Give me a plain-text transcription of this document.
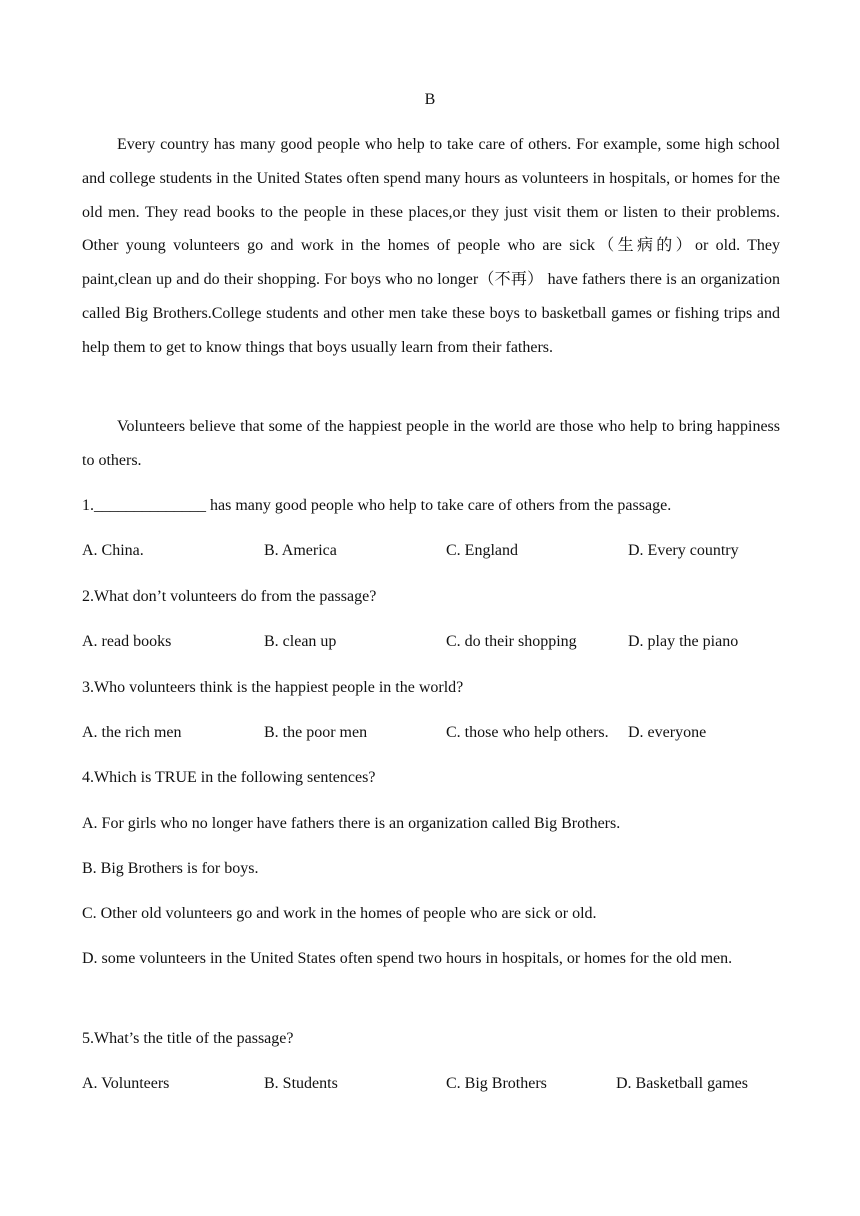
B

Every country has many good people who help to take care of others. For example, some high school and college students in the United States often spend many hours as volunteers in hospitals, or homes for the old men. They read books to the people in these places,or they just visit them or listen to their problems. Other young volunteers go and work in the homes of people who are sick（生病的）or old. They paint,clean up and do their shopping. For boys who no longer（不再） have fathers there is an organization called Big Brothers.College students and other men take these boys to basketball games or fishing trips and help them to get to know things that boys usually learn from their fathers.

Volunteers believe that some of the happiest people in the world are those who help to bring happiness to others.

1.______________ has many good people who help to take care of others from the passage.
A. China.	B. America	C. England	D. Every country
2.What don’t volunteers do from the passage?
A. read books	B. clean up	C. do their shopping	D. play the piano
3.Who volunteers think is the happiest people in the world?
A. the rich men	B. the poor men	C. those who help others. D. everyone
4.Which is TRUE in the following sentences?
A. For girls who no longer have fathers there is an organization called Big Brothers.
B. Big Brothers is for boys.
C. Other old volunteers go and work in the homes of people who are sick or old.
D. some volunteers in the United States often spend two hours in hospitals, or homes for the old men.
5.What’s the title of the passage?
A. Volunteers	B. Students	C. Big Brothers	D. Basketball games
